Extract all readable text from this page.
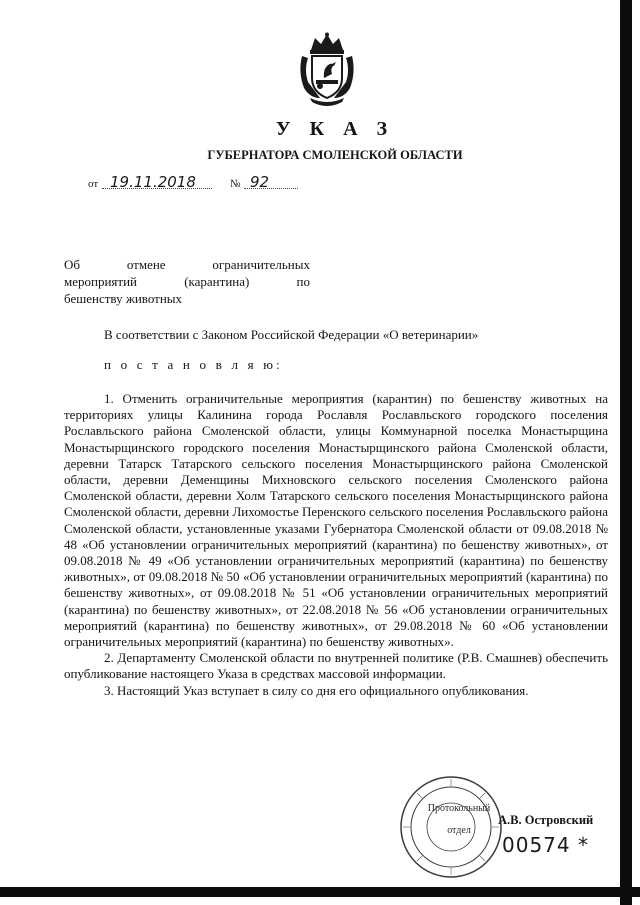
У К А З
ГУБЕРНАТОРА СМОЛЕНСКОЙ ОБЛАСТИ
от 19.11.2018	№ 92
Об отмене ограничительных
мероприятий (карантина) по
бешенству животных
В соответствии с Законом Российской Федерации «О ветеринарии»
п о с т а н о в л я ю:

1. Отменить ограничительные мероприятия (карантин) по бешенству животных на территориях улицы Калинина города Рославля Рославльского городского поселения Рославльского района Смоленской области, улицы Коммунарной поселка Монастырщина Монастырщинского городского поселения Монастырщинского района Смоленской области, деревни Татарск Татарского сельского поселения Монастырщинского района Смоленской области, деревни Деменщины Михновского сельского поселения Смоленского района Смоленской области, деревни Холм Татарского сельского поселения Монастырщинского района Смоленской области, деревни Лихомостье Перенского сельского поселения Рославльского района Смоленской области, установленные указами Губернатора Смоленской области от 09.08.2018 № 48 «Об установлении ограничительных мероприятий (карантина) по бешенству животных», от 09.08.2018 № 49 «Об установлении ограничительных мероприятий (карантина) по бешенству животных», от 09.08.2018 № 50 «Об установлении ограничительных мероприятий (карантина) по бешенству животных», от 09.08.2018 № 51 «Об установлении ограничительных мероприятий (карантина) по бешенству животных», от 22.08.2018 № 56 «Об установлении ограничительных мероприятий (карантина) по бешенству животных», от 29.08.2018 № 60 «Об установлении ограничительных мероприятий (карантина) по бешенству животных».

2. Департаменту Смоленской области по внутренней политике (Р.В. Смашнев) обеспечить опубликование настоящего Указа в средствах массовой информации.

3. Настоящий Указ вступает в силу со дня его официального опубликования.

Протокольный
отдел
А.В. Островский
00574 *
